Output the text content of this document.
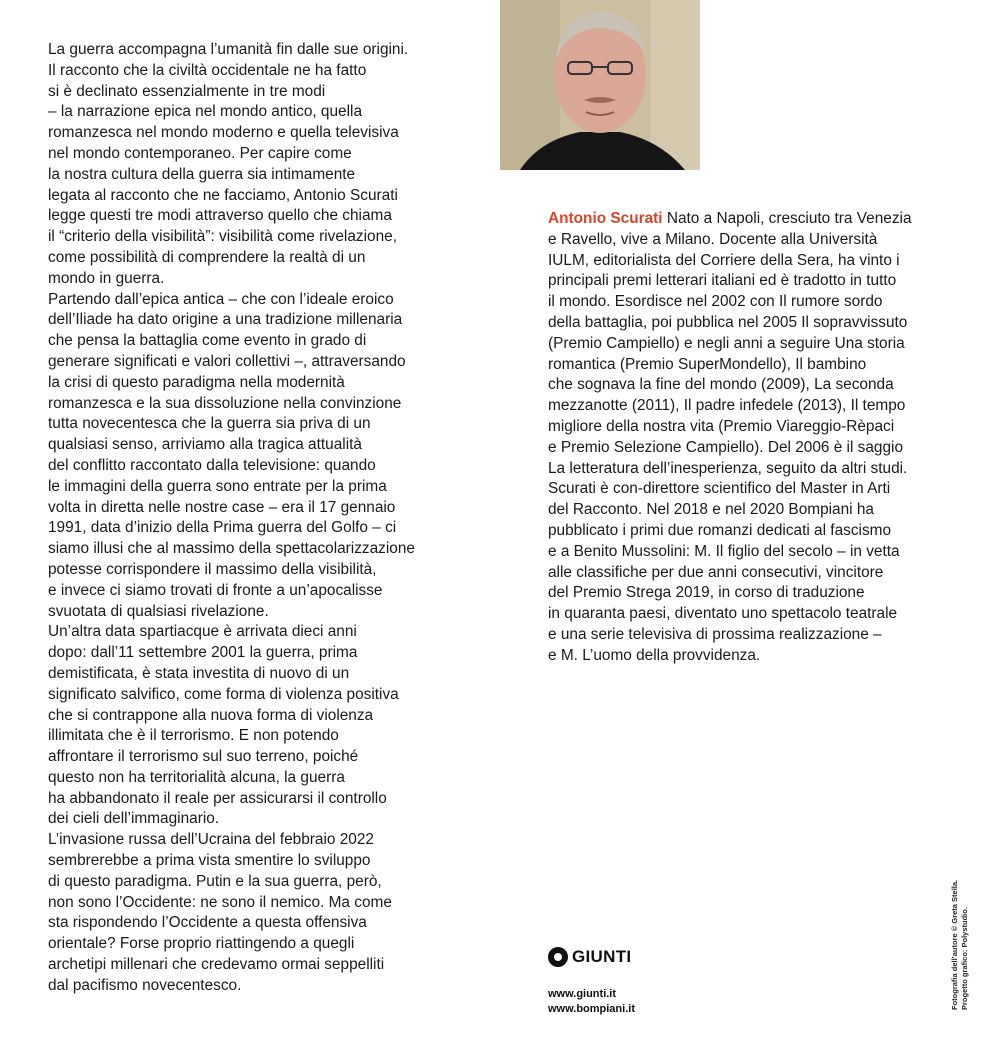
La guerra accompagna l’umanità fin dalle sue origini.
Il racconto che la civiltà occidentale ne ha fatto
si è declinato essenzialmente in tre modi
– la narrazione epica nel mondo antico, quella
romanzesca nel mondo moderno e quella televisiva
nel mondo contemporaneo. Per capire come
la nostra cultura della guerra sia intimamente
legata al racconto che ne facciamo, Antonio Scurati
legge questi tre modi attraverso quello che chiama
il “criterio della visibilità”: visibilità come rivelazione,
come possibilità di comprendere la realtà di un
mondo in guerra.
Partendo dall’epica antica – che con l’ideale eroico
dell’Iliade ha dato origine a una tradizione millenaria
che pensa la battaglia come evento in grado di
generare significati e valori collettivi –, attraversando
la crisi di questo paradigma nella modernità
romanzesca e la sua dissoluzione nella convinzione
tutta novecentesca che la guerra sia priva di un
qualsiasi senso, arriviamo alla tragica attualità
del conflitto raccontato dalla televisione: quando
le immagini della guerra sono entrate per la prima
volta in diretta nelle nostre case – era il 17 gennaio
1991, data d’inizio della Prima guerra del Golfo – ci
siamo illusi che al massimo della spettacolarizzazione
potesse corrispondere il massimo della visibilità,
e invece ci siamo trovati di fronte a un’apocalisse
svuotata di qualsiasi rivelazione.
Un’altra data spartiacque è arrivata dieci anni
dopo: dall’11 settembre 2001 la guerra, prima
demistificata, è stata investita di nuovo di un
significato salvifico, come forma di violenza positiva
che si contrappone alla nuova forma di violenza
illimitata che è il terrorismo. E non potendo
affrontare il terrorismo sul suo terreno, poiché
questo non ha territorialità alcuna, la guerra
ha abbandonato il reale per assicurarsi il controllo
dei cieli dell’immaginario.
L’invasione russa dell’Ucraina del febbraio 2022
sembrerebbe a prima vista smentire lo sviluppo
di questo paradigma. Putin e la sua guerra, però,
non sono l’Occidente: ne sono il nemico. Ma come
sta rispondendo l’Occidente a questa offensiva
orientale? Forse proprio riattingendo a quegli
archetipi millenari che credevamo ormai seppelliti
dal pacifismo novecentesco.
Antonio Scurati Nato a Napoli, cresciuto tra Venezia
e Ravello, vive a Milano. Docente alla Università
IULM, editorialista del Corriere della Sera, ha vinto i
principali premi letterari italiani ed è tradotto in tutto
il mondo. Esordisce nel 2002 con Il rumore sordo
della battaglia, poi pubblica nel 2005 Il sopravvissuto
(Premio Campiello) e negli anni a seguire Una storia
romantica (Premio SuperMondello), Il bambino
che sognava la fine del mondo (2009), La seconda
mezzanotte (2011), Il padre infedele (2013), Il tempo
migliore della nostra vita (Premio Viareggio-Rèpaci
e Premio Selezione Campiello). Del 2006 è il saggio
La letteratura dell’inesperienza, seguito da altri studi.
Scurati è con-direttore scientifico del Master in Arti
del Racconto. Nel 2018 e nel 2020 Bompiani ha
pubblicato i primi due romanzi dedicati al fascismo
e a Benito Mussolini: M. Il figlio del secolo – in vetta
alle classifiche per due anni consecutivi, vincitore
del Premio Strega 2019, in corso di traduzione
in quaranta paesi, diventato uno spettacolo teatrale
e una serie televisiva di prossima realizzazione –
e M. L’uomo della provvidenza.
GIUNTI
www.giunti.it
www.bompiani.it	Fotografia dell’autore © Greta Stella. Progetto grafico: Polystudio.
